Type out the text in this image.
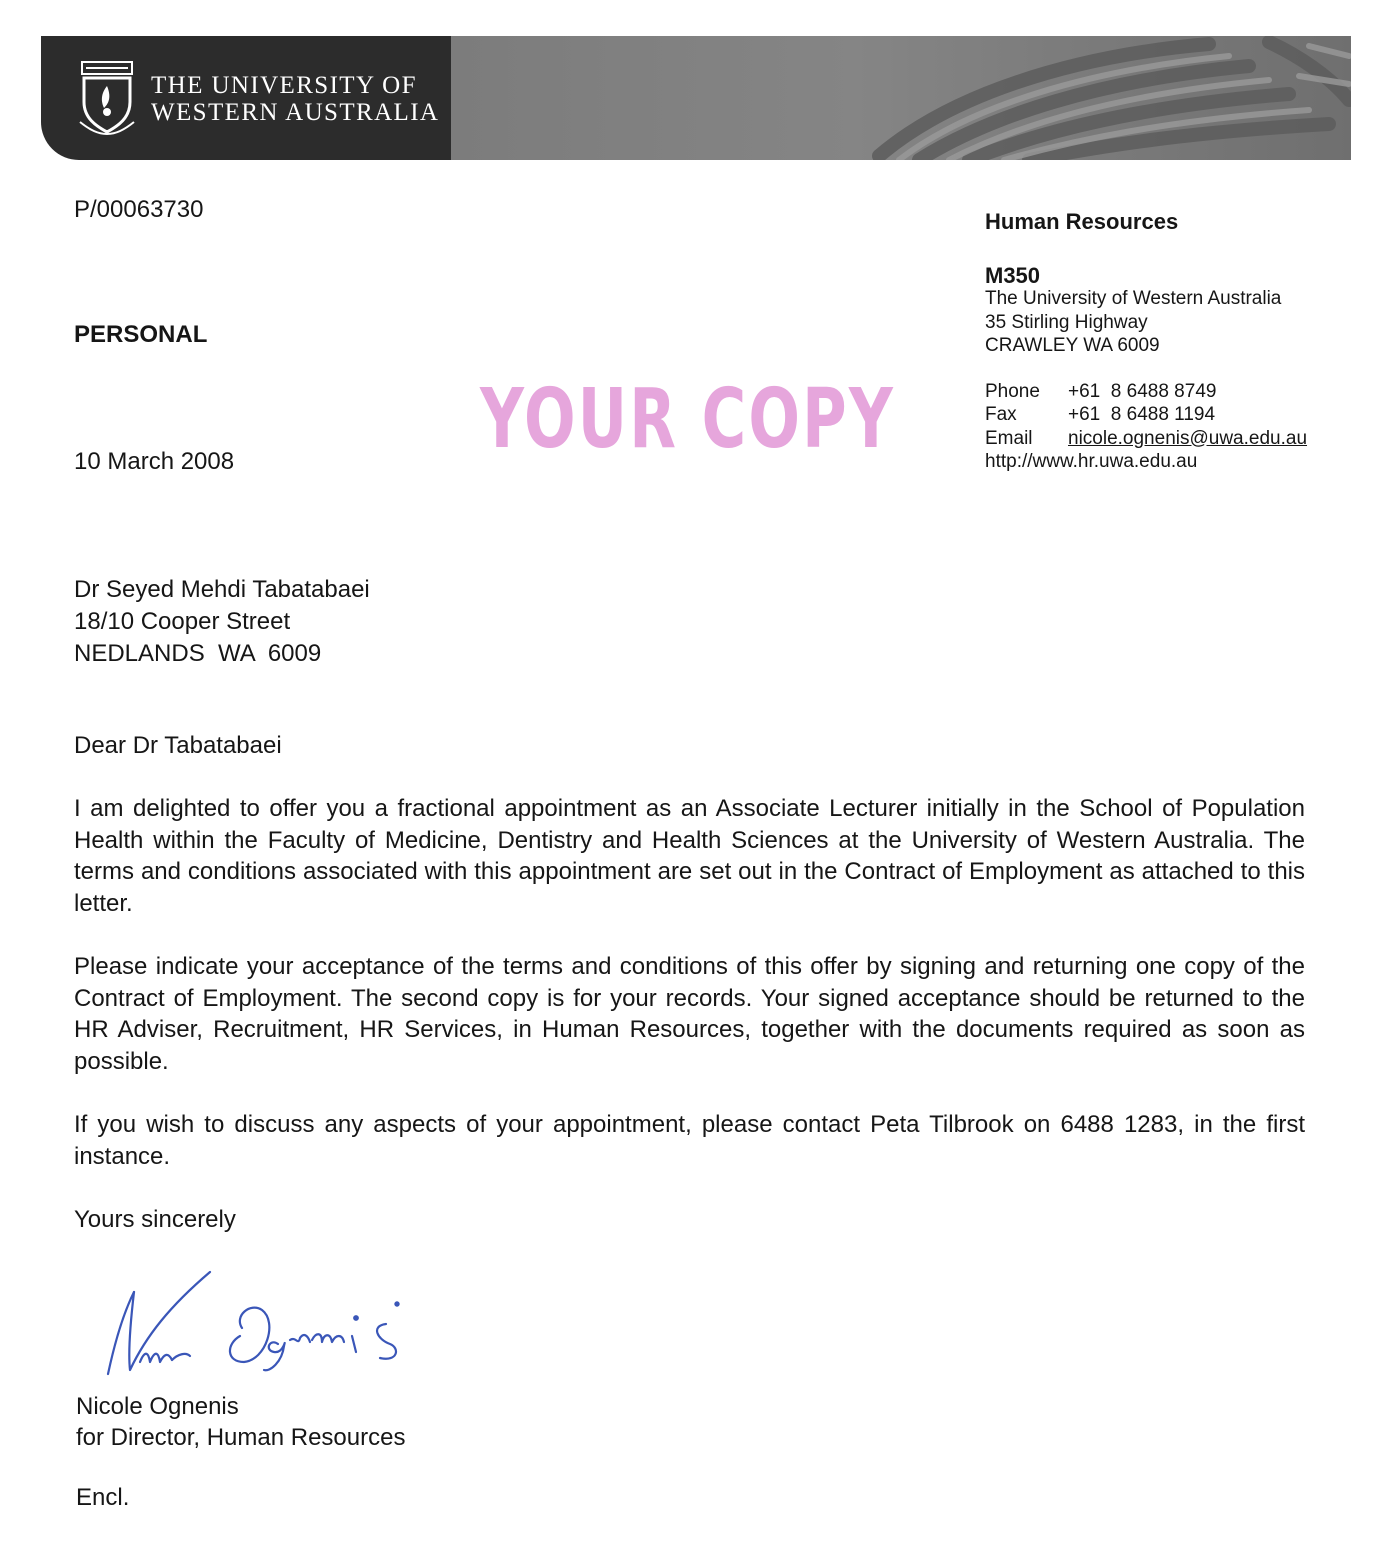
THE UNIVERSITY OF
WESTERN AUSTRALIA
P/00063730
PERSONAL
10 March 2008	YOUR COPY
Human Resources
M350
The University of Western Australia
35 Stirling Highway
CRAWLEY WA 6009
Phone	+61  8 6488 8749
Fax	+61  8 6488 1194
Email	nicole.ognenis@uwa.edu.au
http://www.hr.uwa.edu.au
Dr Seyed Mehdi Tabatabaei
18/10 Cooper Street
NEDLANDS  WA  6009
Dear Dr Tabatabaei

I am delighted to offer you a fractional appointment as an Associate Lecturer initially in the School of Population Health within the Faculty of Medicine, Dentistry and Health Sciences at the University of Western Australia. The terms and conditions associated with this appointment are set out in the Contract of Employment as attached to this letter.

Please indicate your acceptance of the terms and conditions of this offer by signing and returning one copy of the Contract of Employment. The second copy is for your records. Your signed acceptance should be returned to the HR Adviser, Recruitment, HR Services, in Human Resources, together with the documents required as soon as possible.

If you wish to discuss any aspects of your appointment, please contact Peta Tilbrook on 6488 1283, in the first instance.

Yours sincerely
Nicole Ognenis
for Director, Human Resources
Encl.
